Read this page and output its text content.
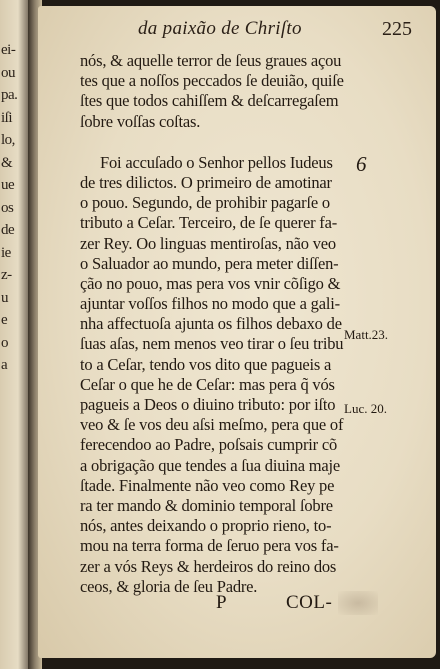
ei-
ou
pa.
iſi
lo,
&
ue
os
de
ie
z-
u
e
o
a
da paixão de Chriſto	225
nós, & aquelle terror de ſeus graues açou
tes que a noſſos peccados ſe deuião, quiſe
ſtes que todos cahiſſem & deſcarregaſem
ſobre voſſas coſtas.
Foi accuſado o Senhor pellos Iudeus
de tres dilictos. O primeiro de amotinar
o pouo. Segundo, de prohibir pagarſe o
tributo a Ceſar. Terceiro, de ſe querer fa-
zer Rey. Oo linguas mentiroſas, não veo
o Saluador ao mundo, pera meter diſſen-
ção no pouo, mas pera vos vnir cõſigo &
ajuntar voſſos filhos no modo que a gali-
nha affectuoſa ajunta os filhos debaxo de
ſuas aſas, nem menos veo tirar o ſeu tribu
to a Ceſar, tendo vos dito que pagueis a
Ceſar o que he de Ceſar: mas pera q̃ vós
pagueis a Deos o diuino tributo: por iſto
veo & ſe vos deu aſsi meſmo, pera que of
ferecendoo ao Padre, poſsais cumprir cõ
a obrigação que tendes a ſua diuina maje
ſtade. Finalmente não veo como Rey pe
ra ter mando & dominio temporal ſobre
nós, antes deixando o proprio rieno, to-
mou na terra forma de ſeruo pera vos fa-
zer a vós Reys & herdeiros do reino dos
ceos, & gloria de ſeu Padre.
6
Matt.23.
Luc. 20.
P	COL-
